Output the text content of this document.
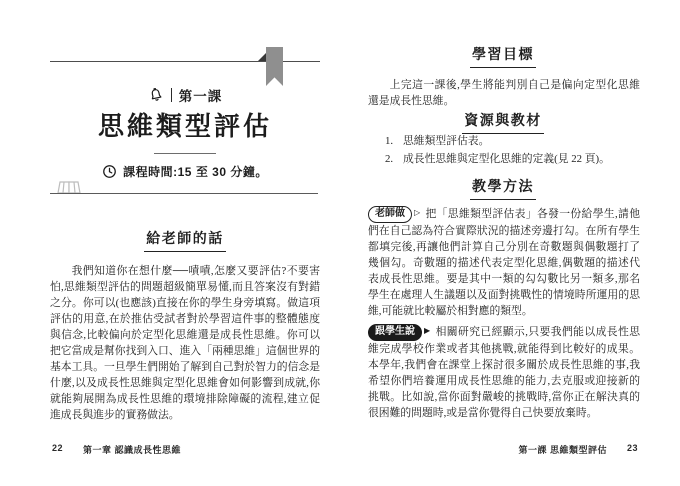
第一課
思維類型評估
課程時間:15 至 30 分鐘。
給老師的話

我們知道你在想什麼──嘖嘖,怎麼又要評估?不要害怕,思維類型評估的問題超級簡單易懂,而且答案沒有對錯之分。你可以(也應該)直接在你的學生身旁填寫。做這項評估的用意,在於推估受試者對於學習這件事的整體態度與信念,比較偏向於定型化思維還是成長性思維。你可以把它當成是幫你找到入口、進入「兩種思維」這個世界的基本工具。一旦學生們開始了解到自己對於智力的信念是什麼,以及成長性思維與定型化思維會如何影響到成就,你就能夠展開為成長性思維的環境排除障礙的流程,建立促進成長與進步的實務做法。

22 第一章 認識成長性思維
學習目標

上完這一課後,學生將能判別自己是偏向定型化思維還是成長性思維。

資源與教材
1. 思維類型評估表。
2. 成長性思維與定型化思維的定義(見 22 頁)。
教學方法

老師做 ▷ 把「思維類型評估表」各發一份給學生,請他們在自己認為符合實際狀況的描述旁邊打勾。在所有學生都填完後,再讓他們計算自己分別在奇數題與偶數題打了幾個勾。奇數題的描述代表定型化思維,偶數題的描述代表成長性思維。要是其中一類的勾勾數比另一類多,那名學生在處理人生議題以及面對挑戰性的情境時所運用的思維,可能就比較屬於相對應的類型。

跟學生說 ▶ 相關研究已經顯示,只要我們能以成長性思維完成學校作業或者其他挑戰,就能得到比較好的成果。本學年,我們會在課堂上探討很多關於成長性思維的事,我希望你們培養運用成長性思維的能力,去克服或迎接新的挑戰。比如說,當你面對嚴峻的挑戰時,當你正在解決真的很困難的問題時,或是當你覺得自己快要放棄時。

第一課 思維類型評估 23
